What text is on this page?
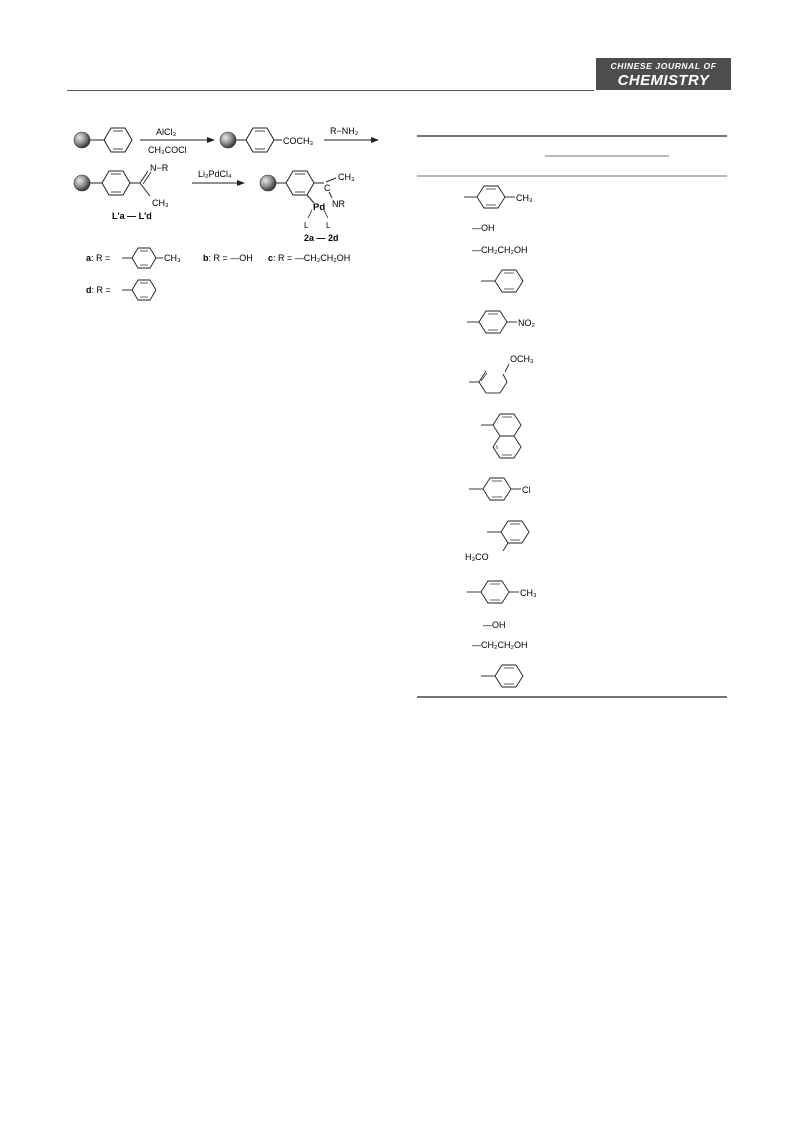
CHINESE JOURNAL OF
CHEMISTRY
AlCl₃
CH₃COCl
COCH₃
R−NH₂
N−R
CH₃
L'a — L'd
Li₂PdCl₄
C
CH₃
Pd NR
L L
2a — 2d
a: R =	CH₃ b: R = —OH c: R = —CH₂CH₂OH
d: R =
CH₃
—OH
—CH₂CH₂OH
NO₂
OCH₃
Cl
H₃CO
CH₃
—OH
—CH₂CH₂OH
